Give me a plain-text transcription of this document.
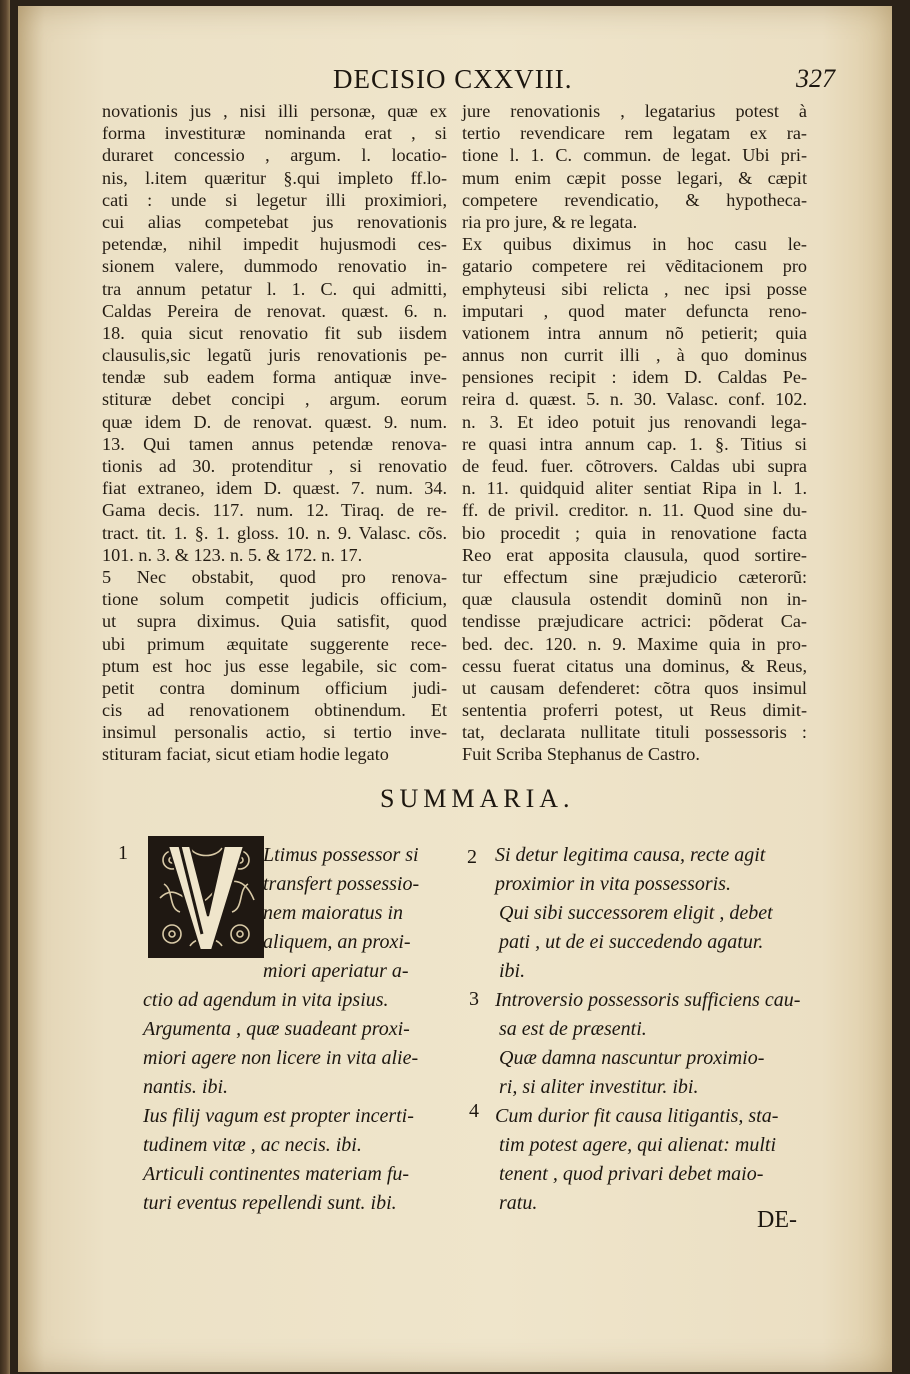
DECISIO CXXVIII.	327
novationis jus , nisi illi personæ, quæ ex
forma investituræ nominanda erat , si
duraret concessio , argum. l. locatio-
nis, l.item quæritur §.qui impleto ff.lo-
cati : unde si legetur illi proximiori,
cui alias competebat jus renovationis
petendæ, nihil impedit hujusmodi ces-
sionem valere, dummodo renovatio in-
tra annum petatur l. 1. C. qui admitti,
Caldas Pereira de renovat. quæst. 6. n.
18. quia sicut renovatio fit sub iisdem
clausulis,sic legatũ juris renovationis pe-
tendæ sub eadem forma antiquæ inve-
stituræ debet concipi , argum. eorum
quæ idem D. de renovat. quæst. 9. num.
13. Qui tamen annus petendæ renova-
tionis ad 30. protenditur , si renovatio
fiat extraneo, idem D. quæst. 7. num. 34.
Gama decis. 117. num. 12. Tiraq. de re-
tract. tit. 1. §. 1. gloss. 10. n. 9. Valasc. cõs.
101. n. 3. & 123. n. 5. & 172. n. 17.
5 Nec obstabit, quod pro renova-
tione solum competit judicis officium,
ut supra diximus. Quia satisfit, quod
ubi primum æquitate suggerente rece-
ptum est hoc jus esse legabile, sic com-
petit contra dominum officium judi-
cis ad renovationem obtinendum. Et
insimul personalis actio, si tertio inve-
stituram faciat, sicut etiam hodie legato
jure renovationis , legatarius potest à
tertio revendicare rem legatam ex ra-
tione l. 1. C. commun. de legat. Ubi pri-
mum enim cæpit posse legari, & cæpit
competere revendicatio, & hypotheca-
ria pro jure, & re legata.
Ex quibus diximus in hoc casu le-
gatario competere rei vẽditacionem pro
emphyteusi sibi relicta , nec ipsi posse
imputari , quod mater defuncta reno-
vationem intra annum nõ petierit; quia
annus non currit illi , à quo dominus
pensiones recipit : idem D. Caldas Pe-
reira d. quæst. 5. n. 30. Valasc. conf. 102.
n. 3. Et ideo potuit jus renovandi lega-
re quasi intra annum cap. 1. §. Titius si
de feud. fuer. cõtrovers. Caldas ubi supra
n. 11. quidquid aliter sentiat Ripa in l. 1.
ff. de privil. creditor. n. 11. Quod sine du-
bio procedit ; quia in renovatione facta
Reo erat apposita clausula, quod sortire-
tur effectum sine præjudicio cæterorũ:
quæ clausula ostendit dominũ non in-
tendisse præjudicare actrici: põderat Ca-
bed. dec. 120. n. 9. Maxime quia in pro-
cessu fuerat citatus una dominus, & Reus,
ut causam defenderet: cõtra quos insimul
sententia proferri potest, ut Reus dimit-
tat, declarata nullitate tituli possessoris :
Fuit Scriba Stephanus de Castro.
SUMMARIA.
1	2
3
4
Ltimus possessor si
transfert possessio-
nem maioratus in
aliquem, an proxi-
miori aperiatur a-
ctio ad agendum in vita ipsius.
Argumenta , quæ suadeant proxi-
miori agere non licere in vita alie-
nantis. ibi.
Ius filij vagum est propter incerti-
tudinem vitæ , ac necis. ibi.
Articuli continentes materiam fu-
turi eventus repellendi sunt. ibi.
Si detur legitima causa, recte agit
proximior in vita possessoris.
Qui sibi successorem eligit , debet
pati , ut de ei succedendo agatur.
ibi.
Introversio possessoris sufficiens cau-
sa est de præsenti.
Quæ damna nascuntur proximio-
ri, si aliter investitur. ibi.
Cum durior fit causa litigantis, sta-
tim potest agere, qui alienat: multi
tenent , quod privari debet maio-
ratu.
DE-
